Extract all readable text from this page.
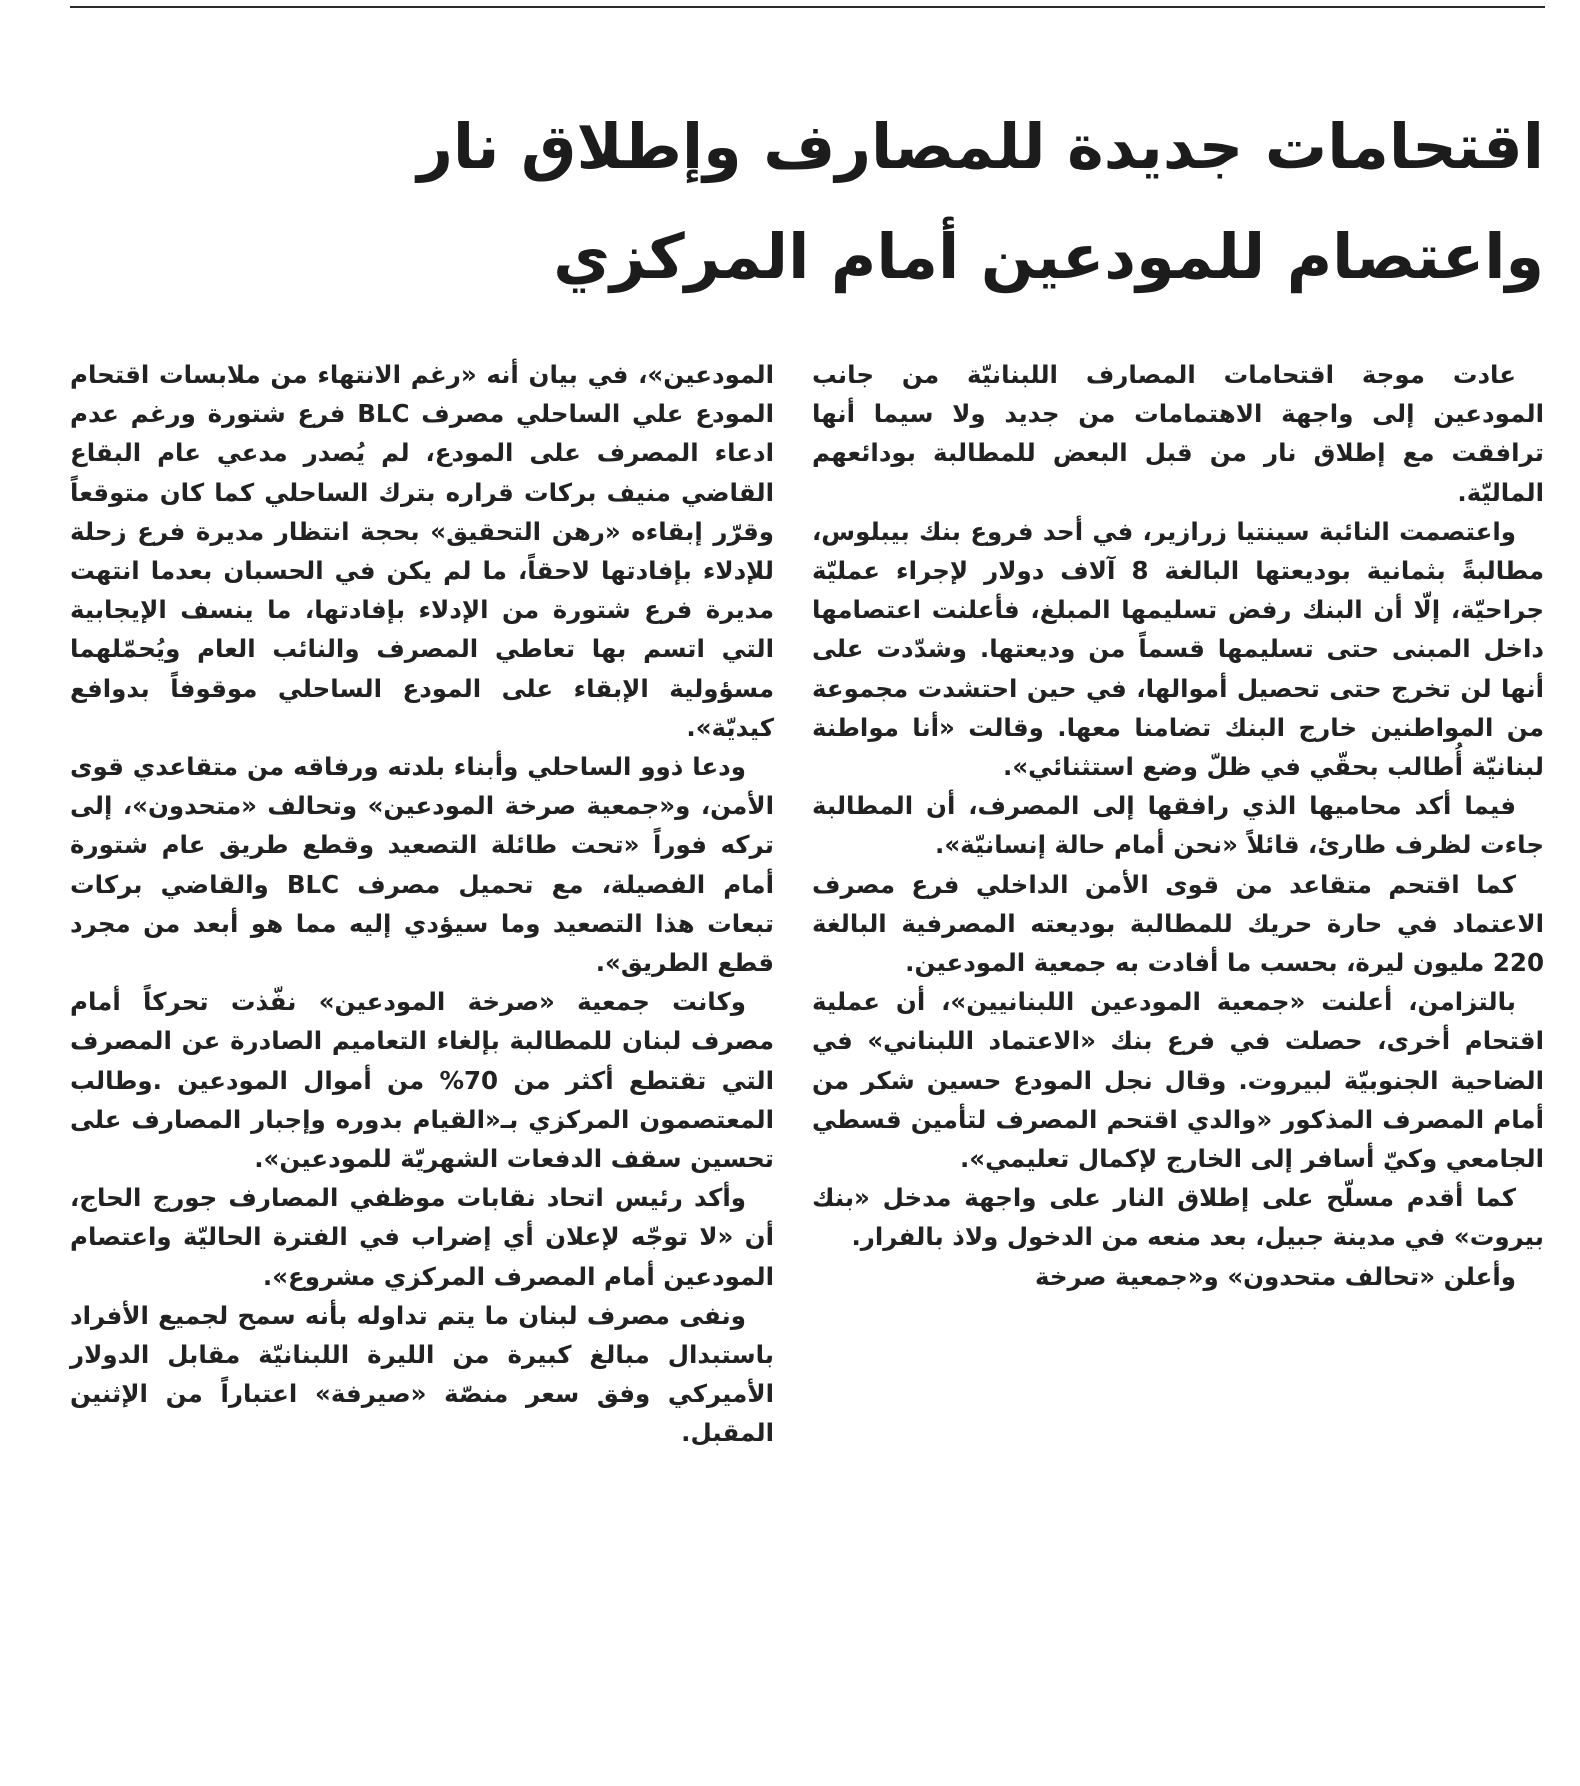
اقتحامات جديدة للمصارف وإطلاق نار
واعتصام للمودعين أمام المركزي

عادت موجة اقتحامات المصارف اللبنانيّة من جانب المودعين إلى واجهة الاهتمامات من جديد ولا سيما أنها ترافقت مع إطلاق نار من قبل البعض للمطالبة بودائعهم الماليّة.

واعتصمت النائبة سينتيا زرازير، في أحد فروع بنك بيبلوس، مطالبةً بثمانية بوديعتها البالغة 8 آلاف دولار لإجراء عمليّة جراحيّة، إلّا أن البنك رفض تسليمها المبلغ، فأعلنت اعتصامها داخل المبنى حتى تسليمها قسماً من وديعتها. وشدّدت على أنها لن تخرج حتى تحصيل أموالها، في حين احتشدت مجموعة من المواطنين خارج البنك تضامنا معها. وقالت «أنا مواطنة لبنانيّة أُطالب بحقّي في ظلّ وضع استثنائي».

فيما أكد محاميها الذي رافقها إلى المصرف، أن المطالبة جاءت لظرف طارئ، قائلاً «نحن أمام حالة إنسانيّة».

كما اقتحم متقاعد من قوى الأمن الداخلي فرع مصرف الاعتماد في حارة حريك للمطالبة بوديعته المصرفية البالغة 220 مليون ليرة، بحسب ما أفادت به جمعية المودعين.

بالتزامن، أعلنت «جمعية المودعين اللبنانيين»، أن عملية اقتحام أخرى، حصلت في فرع بنك «الاعتماد اللبناني» في الضاحية الجنوبيّة لبيروت. وقال نجل المودع حسين شكر من أمام المصرف المذكور «والدي اقتحم المصرف لتأمين قسطي الجامعي وكيّ أسافر إلى الخارج لإكمال تعليمي».

كما أقدم مسلّح على إطلاق النار على واجهة مدخل «بنك بيروت» في مدينة جبيل، بعد منعه من الدخول ولاذ بالفرار.

وأعلن «تحالف متحدون» و«جمعية صرخة

المودعين»، في بيان أنه «رغم الانتهاء من ملابسات اقتحام المودع علي الساحلي مصرف BLC فرع شتورة ورغم عدم ادعاء المصرف على المودع، لم يُصدر مدعي عام البقاع القاضي منيف بركات قراره بترك الساحلي كما كان متوقعاً وقرّر إبقاءه «رهن التحقيق» بحجة انتظار مديرة فرع زحلة للإدلاء بإفادتها لاحقاً، ما لم يكن في الحسبان بعدما انتهت مديرة فرع شتورة من الإدلاء بإفادتها، ما ينسف الإيجابية التي اتسم بها تعاطي المصرف والنائب العام ويُحمّلهما مسؤولية الإبقاء على المودع الساحلي موقوفاً بدوافع كيديّة».

ودعا ذوو الساحلي وأبناء بلدته ورفاقه من متقاعدي قوى الأمن، و«جمعية صرخة المودعين» وتحالف «متحدون»، إلى تركه فوراً «تحت طائلة التصعيد وقطع طريق عام شتورة أمام الفصيلة، مع تحميل مصرف BLC والقاضي بركات تبعات هذا التصعيد وما سيؤدي إليه مما هو أبعد من مجرد قطع الطريق».

وكانت جمعية «صرخة المودعين» نفّذت تحركاً أمام مصرف لبنان للمطالبة بإلغاء التعاميم الصادرة عن المصرف التي تقتطع أكثر من 70% من أموال المودعين .وطالب المعتصمون المركزي بـ«القيام بدوره وإجبار المصارف على تحسين سقف الدفعات الشهريّة للمودعين».

وأكد رئيس اتحاد نقابات موظفي المصارف جورج الحاج، أن «لا توجّه لإعلان أي إضراب في الفترة الحاليّة واعتصام المودعين أمام المصرف المركزي مشروع».

ونفى مصرف لبنان ما يتم تداوله بأنه سمح لجميع الأفراد باستبدال مبالغ كبيرة من الليرة اللبنانيّة مقابل الدولار الأميركي وفق سعر منصّة «صيرفة» اعتباراً من الإثنين المقبل.
